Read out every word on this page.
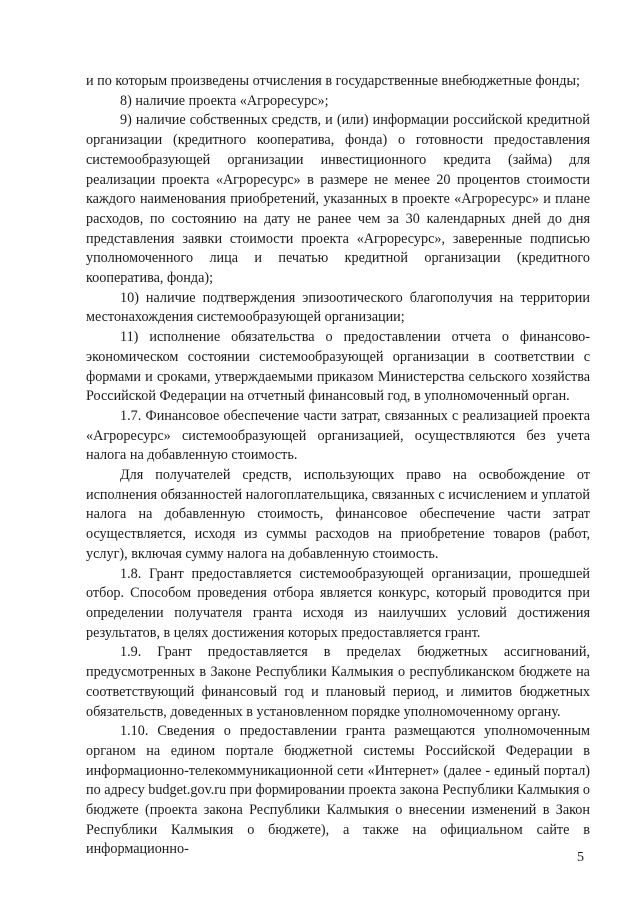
и по которым произведены отчисления в государственные внебюджетные фонды;

8) наличие проекта «Агроресурс»;

9) наличие собственных средств, и (или) информации российской кредитной организации (кредитного кооператива, фонда) о готовности предоставления системообразующей организации инвестиционного кредита (займа) для реализации проекта «Агроресурс» в размере не менее 20 процентов стоимости каждого наименования приобретений, указанных в проекте «Агроресурс» и плане расходов, по состоянию на дату не ранее чем за 30 календарных дней до дня представления заявки стоимости проекта «Агроресурс», заверенные подписью уполномоченного лица и печатью кредитной организации (кредитного кооператива, фонда);

10) наличие подтверждения эпизоотического благополучия на территории местонахождения системообразующей организации;

11) исполнение обязательства о предоставлении отчета о финансово-экономическом состоянии системообразующей организации в соответствии с формами и сроками, утверждаемыми приказом Министерства сельского хозяйства Российской Федерации на отчетный финансовый год, в уполномоченный орган.

1.7. Финансовое обеспечение части затрат, связанных с реализацией проекта «Агроресурс» системообразующей организацией, осуществляются без учета налога на добавленную стоимость.

Для получателей средств, использующих право на освобождение от исполнения обязанностей налогоплательщика, связанных с исчислением и уплатой налога на добавленную стоимость, финансовое обеспечение части затрат осуществляется, исходя из суммы расходов на приобретение товаров (работ, услуг), включая сумму налога на добавленную стоимость.

1.8. Грант предоставляется системообразующей организации, прошедшей отбор. Способом проведения отбора является конкурс, который проводится при определении получателя гранта исходя из наилучших условий достижения результатов, в целях достижения которых предоставляется грант.

1.9. Грант предоставляется в пределах бюджетных ассигнований, предусмотренных в Законе Республики Калмыкия о республиканском бюджете на соответствующий финансовый год и плановый период, и лимитов бюджетных обязательств, доведенных в установленном порядке уполномоченному органу.

1.10. Сведения о предоставлении гранта размещаются уполномоченным органом на едином портале бюджетной системы Российской Федерации в информационно-телекоммуникационной сети «Интернет» (далее - единый портал) по адресу budget.gov.ru при формировании проекта закона Республики Калмыкия о бюджете (проекта закона Республики Калмыкия о внесении изменений в Закон Республики Калмыкия о бюджете), а также на официальном сайте в информационно-

5
